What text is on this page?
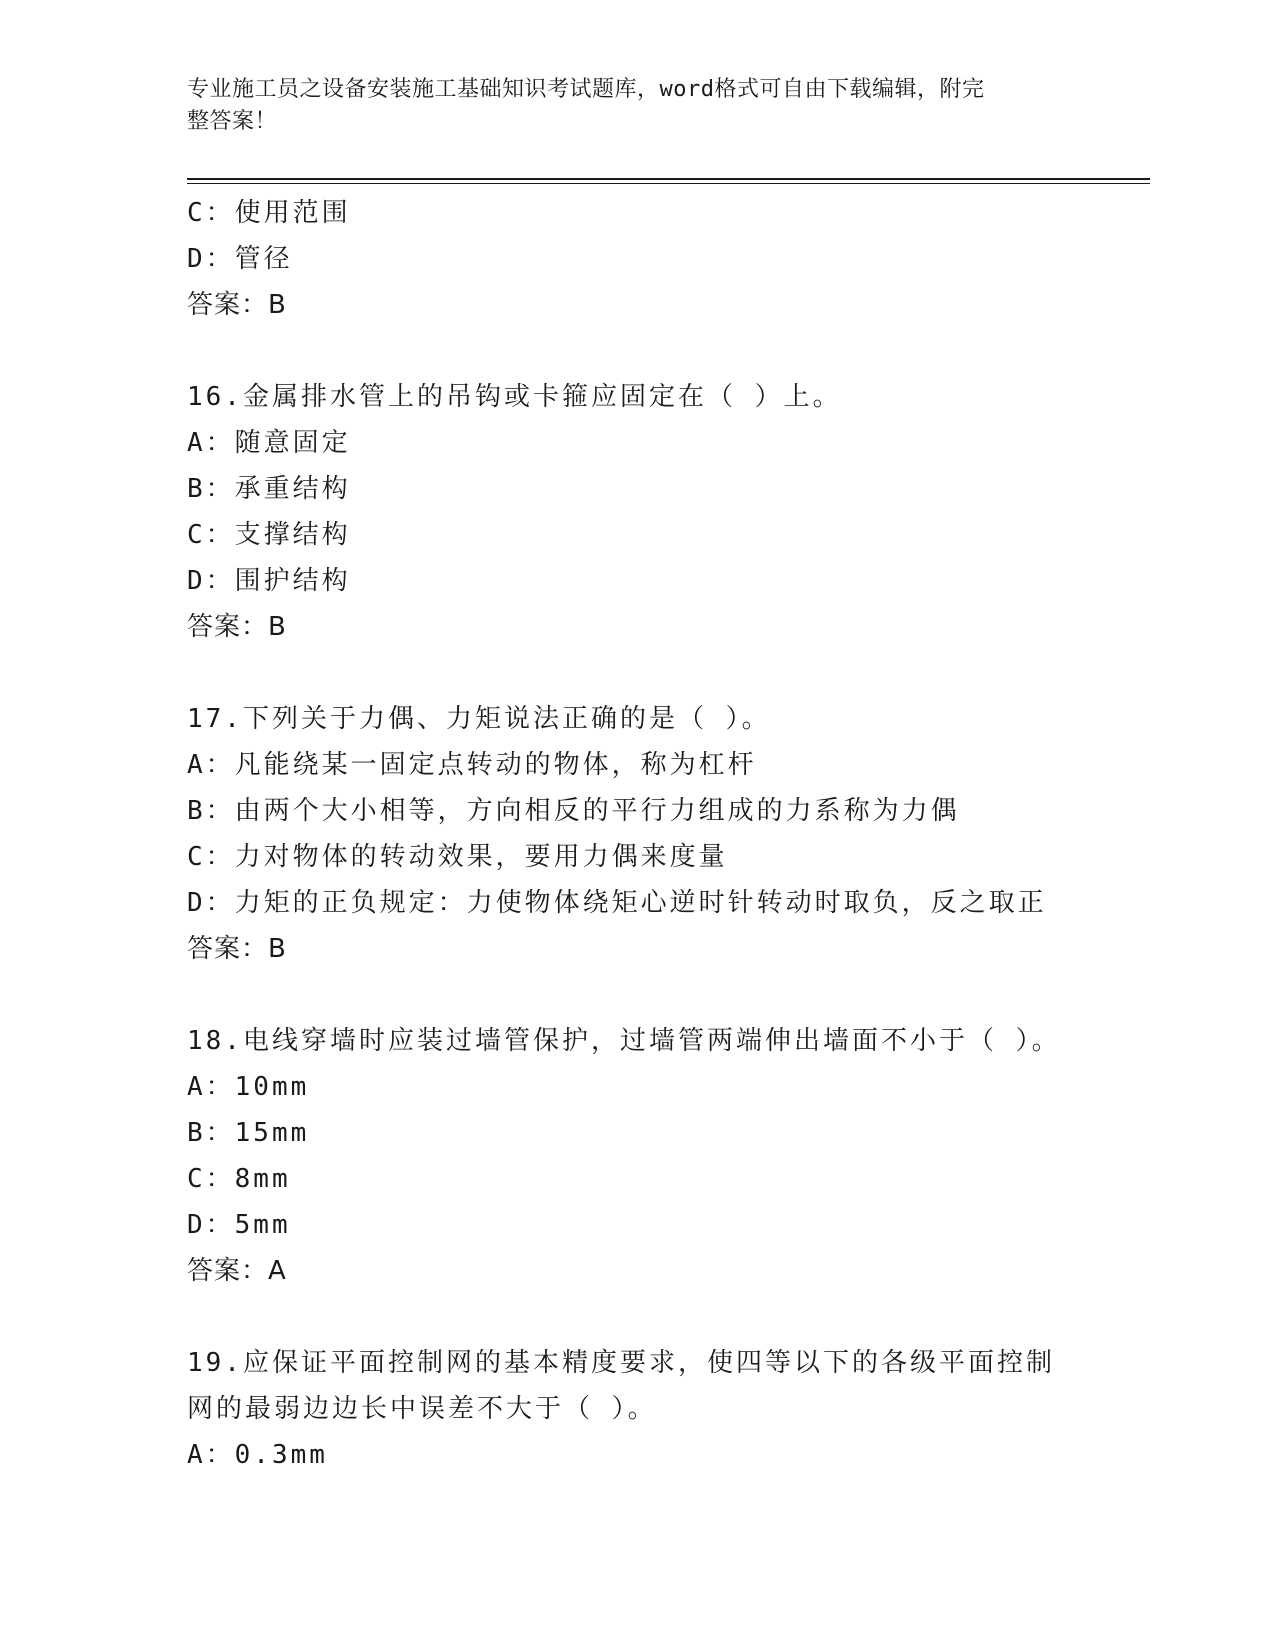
专业施工员之设备安装施工基础知识考试题库，word格式可自由下载编辑，附完
整答案！
C：使用范围
D：管径
答案：B
16.金属排水管上的吊钩或卡箍应固定在（ ）上。
A：随意固定
B：承重结构
C：支撑结构
D：围护结构
答案：B
17.下列关于力偶、力矩说法正确的是（ ）。
A：凡能绕某一固定点转动的物体，称为杠杆
B：由两个大小相等，方向相反的平行力组成的力系称为力偶
C：力对物体的转动效果，要用力偶来度量
D：力矩的正负规定：力使物体绕矩心逆时针转动时取负，反之取正
答案：B
18.电线穿墙时应装过墙管保护，过墙管两端伸出墙面不小于（ ）。
A：10mm
B：15mm
C：8mm
D：5mm
答案：A
19.应保证平面控制网的基本精度要求，使四等以下的各级平面控制网的最弱边边长中误差不大于（ ）。
A：0.3mm
